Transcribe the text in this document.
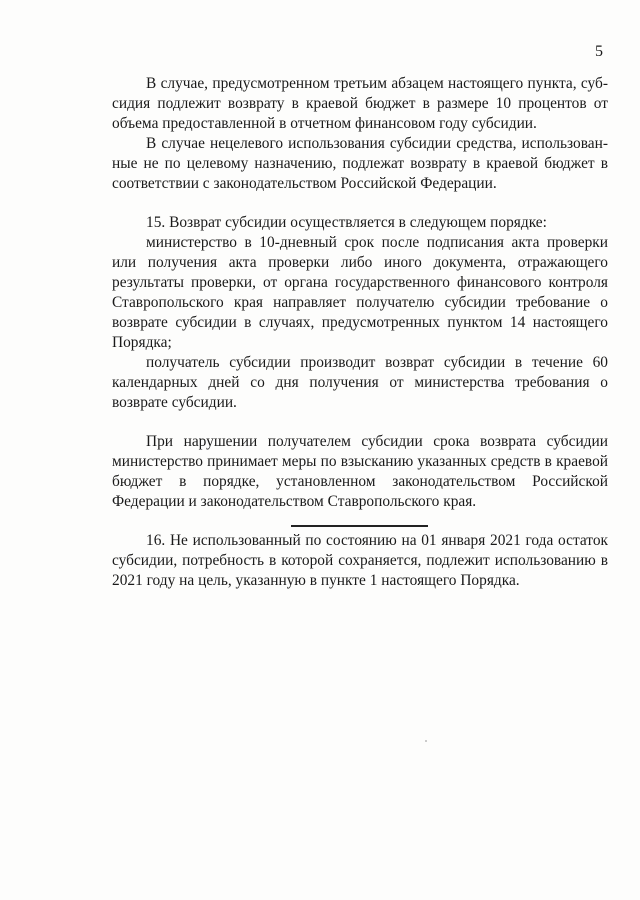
5

В случае, предусмотренном третьим абзацем настоящего пункта, субсидия подлежит возврату в краевой бюджет в размере 10 процентов от объема предоставленной в отчетном финансовом году субсидии.

В случае нецелевого использования субсидии средства, использованные не по целевому назначению, подлежат возврату в краевой бюджет в соответствии с законодательством Российской Федерации.

15. Возврат субсидии осуществляется в следующем порядке:

министерство в 10-дневный срок после подписания акта проверки или получения акта проверки либо иного документа, отражающего результаты проверки, от органа государственного финансового контроля Ставропольского края направляет получателю субсидии требование о возврате субсидии в случаях, предусмотренных пунктом 14 настоящего Порядка;

получатель субсидии производит возврат субсидии в течение 60 календарных дней со дня получения от министерства требования о возврате субсидии.

При нарушении получателем субсидии срока возврата субсидии министерство принимает меры по взысканию указанных средств в краевой бюджет в порядке, установленном законодательством Российской Федерации и законодательством Ставропольского края.

16. Не использованный по состоянию на 01 января 2021 года остаток субсидии, потребность в которой сохраняется, подлежит использованию в 2021 году на цель, указанную в пункте 1 настоящего Порядка.
